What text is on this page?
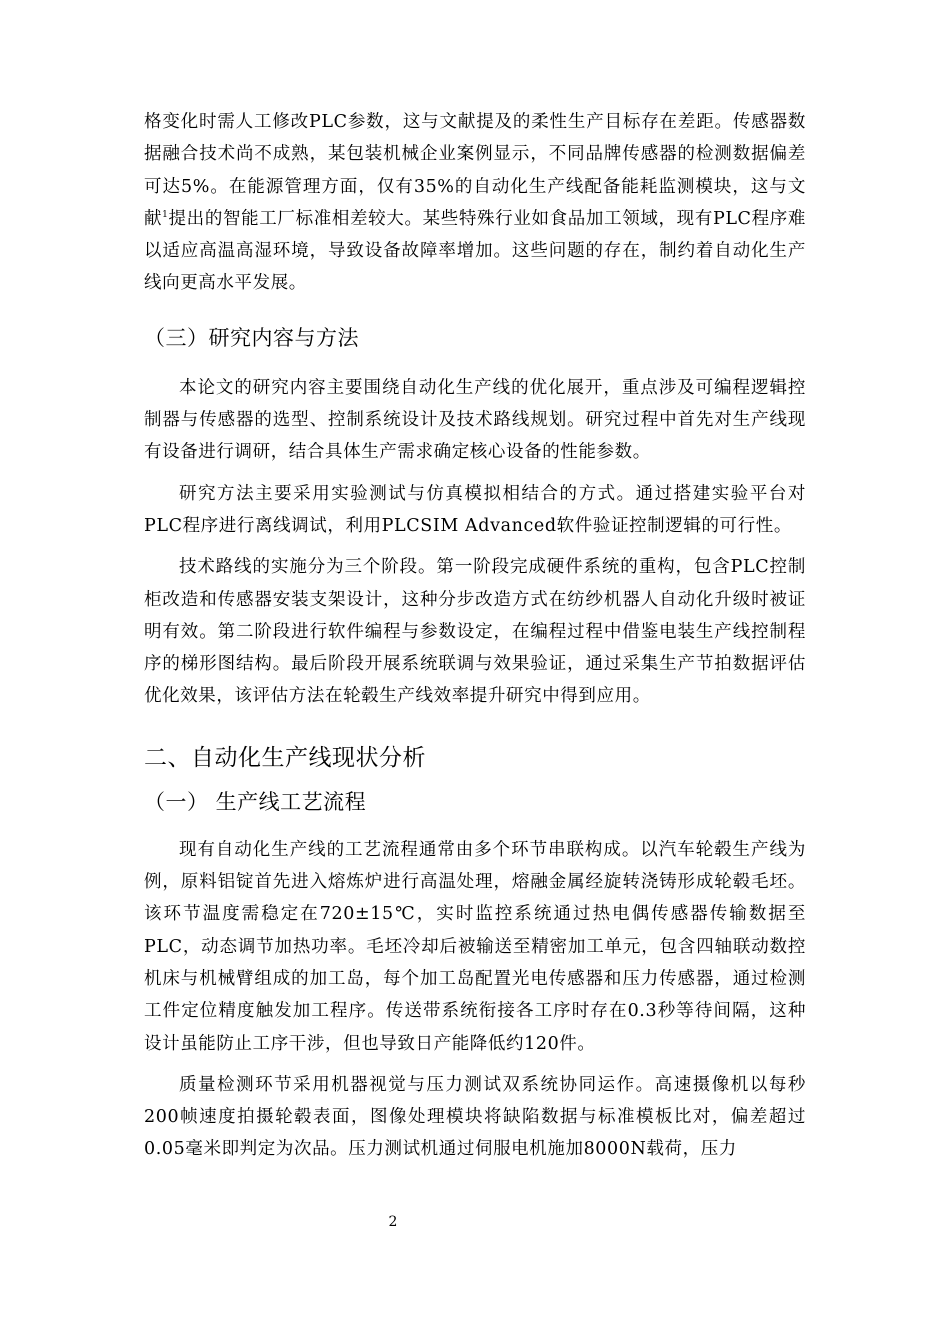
格变化时需人工修改PLC参数，这与文献提及的柔性生产目标存在差距。传感器数据融合技术尚不成熟，某包装机械企业案例显示，不同品牌传感器的检测数据偏差可达5%。在能源管理方面，仅有35%的自动化生产线配备能耗监测模块，这与文献$^1$提出的智能工厂标准相差较大。某些特殊行业如食品加工领域，现有PLC程序难以适应高温高湿环境，导致设备故障率增加。这些问题的存在，制约着自动化生产线向更高水平发展。

（三）研究内容与方法

本论文的研究内容主要围绕自动化生产线的优化展开，重点涉及可编程逻辑控制器与传感器的选型、控制系统设计及技术路线规划。研究过程中首先对生产线现有设备进行调研，结合具体生产需求确定核心设备的性能参数。

研究方法主要采用实验测试与仿真模拟相结合的方式。通过搭建实验平台对PLC程序进行离线调试，利用PLCSIM Advanced软件验证控制逻辑的可行性。

技术路线的实施分为三个阶段。第一阶段完成硬件系统的重构，包含PLC控制柜改造和传感器安装支架设计，这种分步改造方式在纺纱机器人自动化升级时被证明有效。第二阶段进行软件编程与参数设定，在编程过程中借鉴电装生产线控制程序的梯形图结构。最后阶段开展系统联调与效果验证，通过采集生产节拍数据评估优化效果，该评估方法在轮毂生产线效率提升研究中得到应用。

二、自动化生产线现状分析
（一） 生产线工艺流程

现有自动化生产线的工艺流程通常由多个环节串联构成。以汽车轮毂生产线为例，原料铝锭首先进入熔炼炉进行高温处理，熔融金属经旋转浇铸形成轮毂毛坯。该环节温度需稳定在720±15℃，实时监控系统通过热电偶传感器传输数据至PLC，动态调节加热功率。毛坯冷却后被输送至精密加工单元，包含四轴联动数控机床与机械臂组成的加工岛，每个加工岛配置光电传感器和压力传感器，通过检测工件定位精度触发加工程序。传送带系统衔接各工序时存在0.3秒等待间隔，这种设计虽能防止工序干涉，但也导致日产能降低约120件。

质量检测环节采用机器视觉与压力测试双系统协同运作。高速摄像机以每秒200帧速度拍摄轮毂表面，图像处理模块将缺陷数据与标准模板比对，偏差超过0.05毫米即判定为次品。压力测试机通过伺服电机施加8000N载荷，压力

2
